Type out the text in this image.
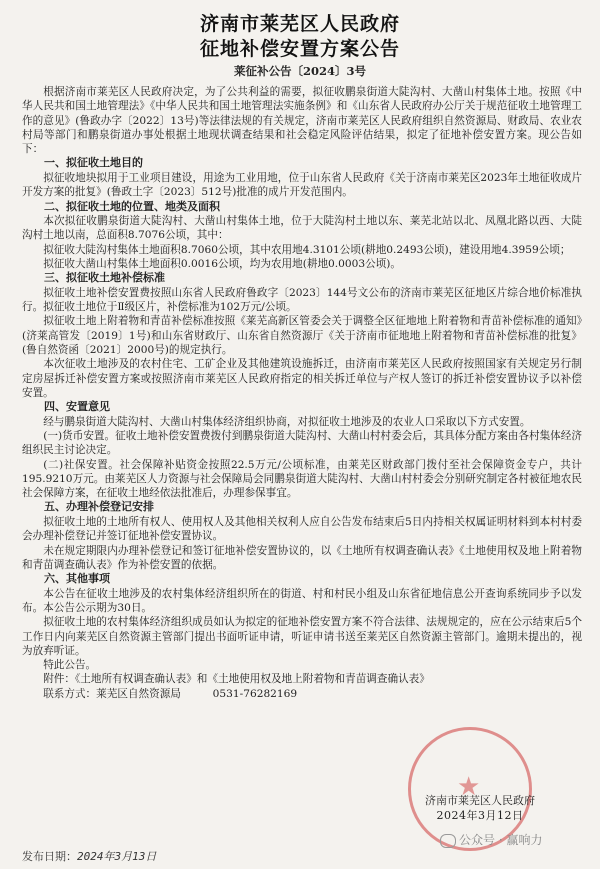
济南市莱芜区人民政府
征地补偿安置方案公告
莱征补公告〔2024〕3号

根据济南市莱芜区人民政府决定，为了公共利益的需要，拟征收鹏泉街道大陡沟村、大凿山村集体土地。按照《中华人民共和国土地管理法》《中华人民共和国土地管理法实施条例》和《山东省人民政府办公厅关于规范征收土地管理工作的意见》(鲁政办字〔2022〕13号)等法律法规的有关规定，济南市莱芜区人民政府组织自然资源局、财政局、农业农村局等部门和鹏泉街道办事处根据土地现状调查结果和社会稳定风险评估结果，拟定了征地补偿安置方案。现公告如下：

一、拟征收土地目的

拟征收地块拟用于工业项目建设，用途为工业用地，位于山东省人民政府《关于济南市莱芜区2023年土地征收成片开发方案的批复》(鲁政土字〔2023〕512号)批准的成片开发范围内。

二、拟征收土地的位置、地类及面积

本次拟征收鹏泉街道大陡沟村、大凿山村集体土地，位于大陡沟村土地以东、莱芜北站以北、凤凰北路以西、大陡沟村土地以南，总面积8.7076公顷，其中：

拟征收大陡沟村集体土地面积8.7060公顷，其中农用地4.3101公顷(耕地0.2493公顷)，建设用地4.3959公顷；

拟征收大凿山村集体土地面积0.0016公顷，均为农用地(耕地0.0003公顷)。

三、拟征收土地补偿标准

拟征收土地补偿安置费按照山东省人民政府鲁政字〔2023〕144号文公布的济南市莱芜区征地区片综合地价标准执行。拟征收土地位于Ⅱ级区片，补偿标准为102万元/公顷。

拟征收土地上附着物和青苗补偿标准按照《莱芜高新区管委会关于调整全区征地地上附着物和青苗补偿标准的通知》(济莱高管发〔2019〕1号)和山东省财政厅、山东省自然资源厅《关于济南市征地地上附着物和青苗补偿标准的批复》(鲁自然资函〔2021〕2000号)的规定执行。

本次征收土地涉及的农村住宅、工矿企业及其他建筑设施拆迁，由济南市莱芜区人民政府按照国家有关规定另行制定房屋拆迁补偿安置方案或按照济南市莱芜区人民政府指定的相关拆迁单位与产权人签订的拆迁补偿安置协议予以补偿安置。

四、安置意见

经与鹏泉街道大陡沟村、大凿山村集体经济组织协商，对拟征收土地涉及的农业人口采取以下方式安置。

(一)货币安置。征收土地补偿安置费拨付到鹏泉街道大陡沟村、大凿山村村委会后，其具体分配方案由各村集体经济组织民主讨论决定。

(二)社保安置。社会保障补贴资金按照22.5万元/公顷标准，由莱芜区财政部门拨付至社会保障资金专户，共计195.9210万元。由莱芜区人力资源与社会保障局会同鹏泉街道大陡沟村、大凿山村村委会分别研究制定各村被征地农民社会保障方案，在征收土地经依法批准后，办理参保事宜。

五、办理补偿登记安排

拟征收土地的土地所有权人、使用权人及其他相关权利人应自公告发布结束后5日内持相关权属证明材料到本村村委会办理补偿登记并签订征地补偿安置协议。

未在规定期限内办理补偿登记和签订征地补偿安置协议的，以《土地所有权调查确认表》《土地使用权及地上附着物和青苗调查确认表》作为补偿安置的依据。

六、其他事项

本公告在征收土地涉及的农村集体经济组织所在的街道、村和村民小组及山东省征地信息公开查询系统同步予以发布。本公告公示期为30日。

拟征收土地的农村集体经济组织成员如认为拟定的征地补偿安置方案不符合法律、法规规定的，应在公示结束后5个工作日内向莱芜区自然资源主管部门提出书面听证申请，听证申请书送至莱芜区自然资源主管部门。逾期未提出的，视为放弃听证。

特此公告。

附件：《土地所有权调查确认表》和《土地使用权及地上附着物和青苗调查确认表》

联系方式：莱芜区自然资源局　　　0531-76282169

★
济南市莱芜区人民政府
2024年3月12日
发布日期：2024年3月13日
公众号 · 赢响力
